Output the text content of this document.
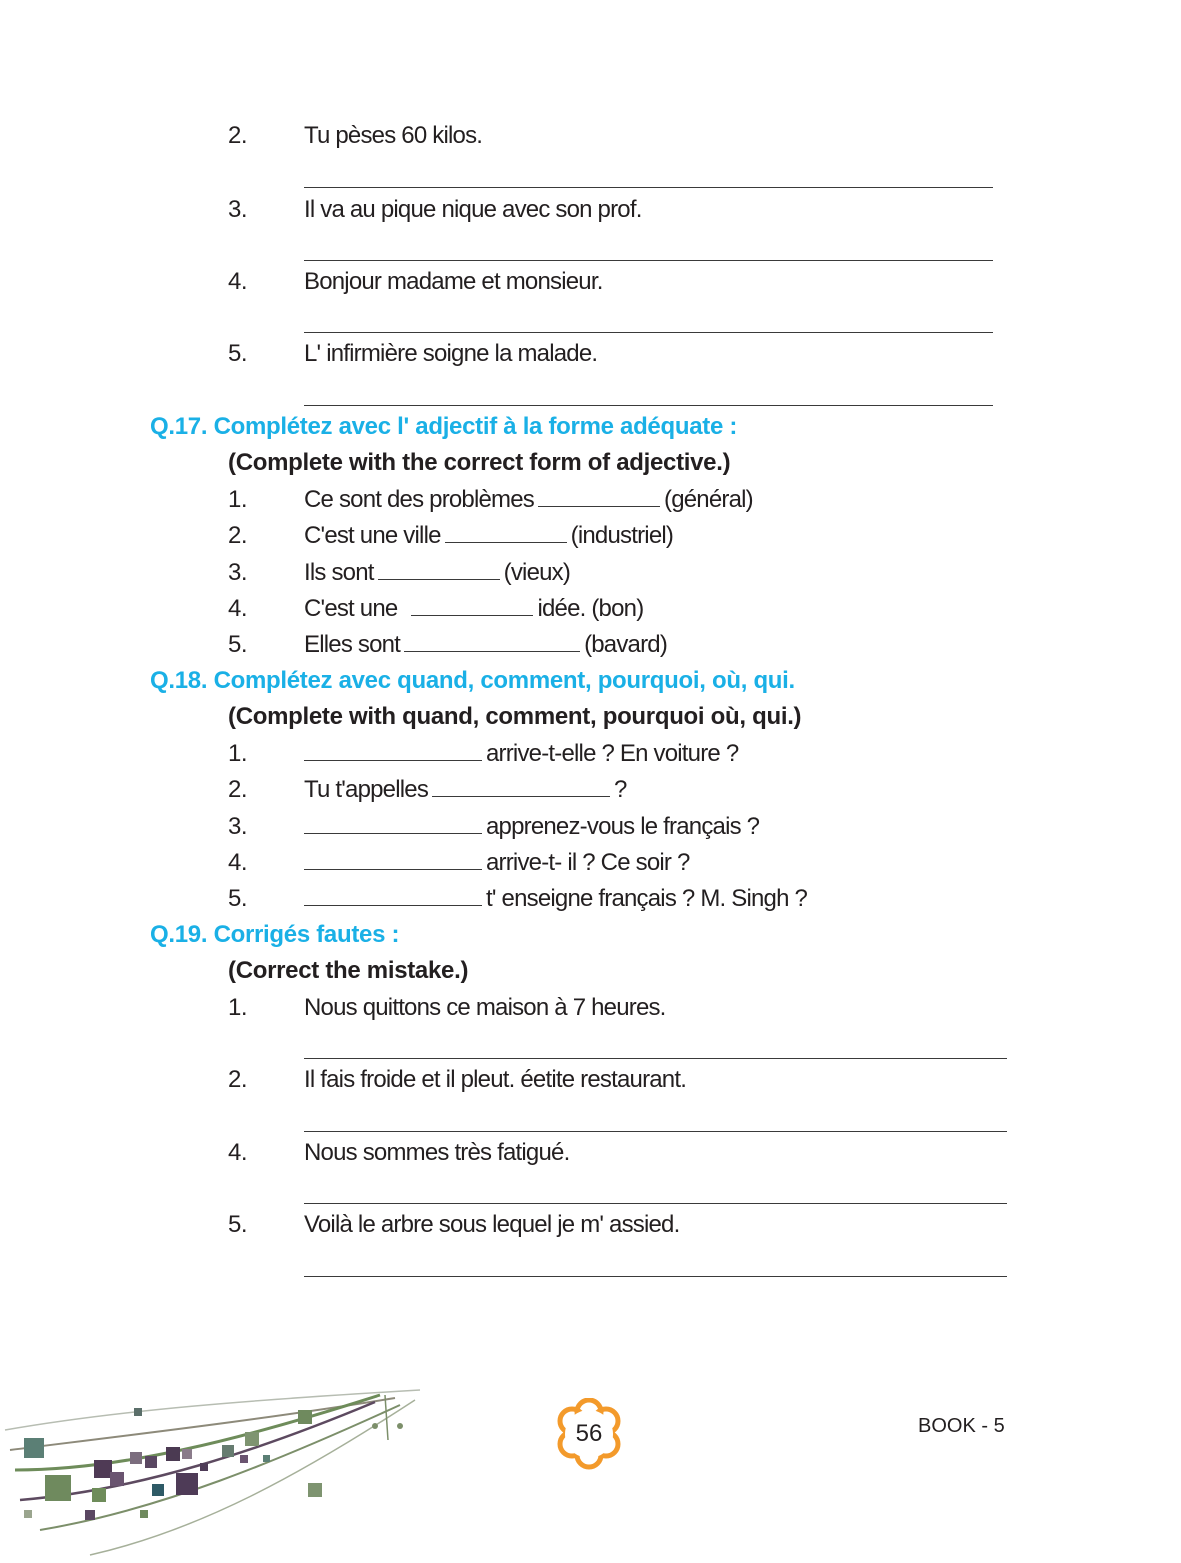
2. Tu pèses 60 kilos.
3. Il va au pique nique avec son prof.
4. Bonjour madame et monsieur.
5. L' infirmière soigne la malade.
Q.17. Complétez avec l' adjectif à la forme adéquate :
(Complete with the correct form of adjective.)
1. Ce sont des problèmes	(général)
2. C'est une ville	(industriel)
3. Ils sont	(vieux)
4. C'est une	idée. (bon)
5. Elles sont	(bavard)
Q.18. Complétez avec quand, comment, pourquoi, où, qui.
(Complete with quand, comment, pourquoi où, qui.)
1.	arrive-t-elle ? En voiture ?
2. Tu t'appelles	?
3.	apprenez-vous le français ?
4.	arrive-t- il ? Ce soir ?
5.	t' enseigne français ? M. Singh ?
Q.19. Corrigés fautes :
(Correct the mistake.)
1. Nous quittons ce maison à 7 heures.
2. Il fais froide et il pleut. éetite restaurant.
4. Nous sommes très fatigué.
5. Voilà le arbre sous lequel je m' assied.
56	BOOK - 5
